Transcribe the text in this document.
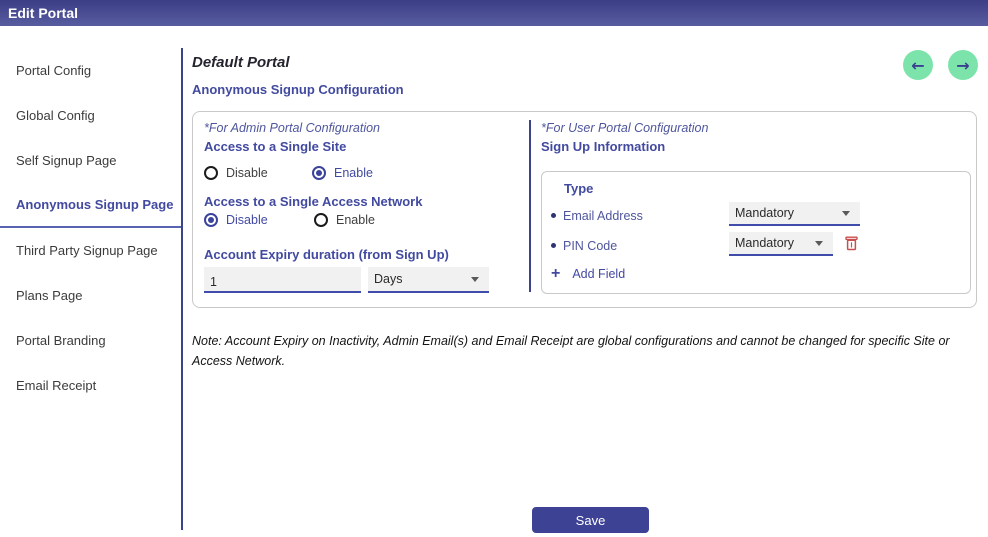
Edit Portal
Portal Config
Global Config
Self Signup Page
Anonymous Signup Page
Third Party Signup Page
Plans Page
Portal Branding
Email Receipt
Default Portal
Anonymous Signup Configuration
← →
*For Admin Portal Configuration
Access to a Single Site
Disable	Enable
Access to a Single Access Network
Disable	Enable
Account Expiry duration (from Sign Up)
1
Days
*For User Portal Configuration
Sign Up Information
Type
Email Address	Mandatory
PIN Code	Mandatory
+ Add Field
Note: Account Expiry on Inactivity, Admin Email(s) and Email Receipt are global configurations and cannot be changed for specific Site or Access Network.
Save
